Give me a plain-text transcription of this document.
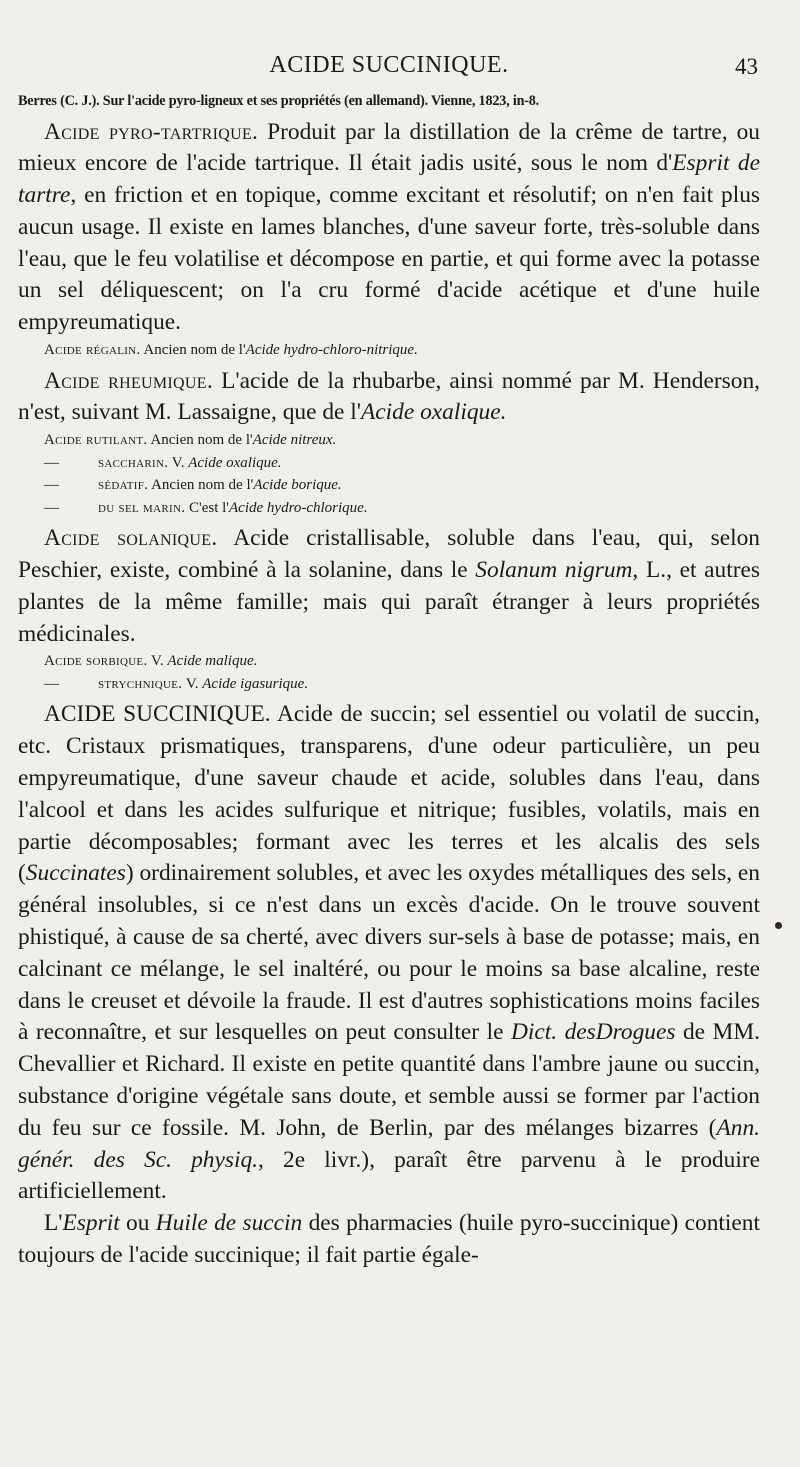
ACIDE SUCCINIQUE.	43

Berres (C. J.). Sur l'acide pyro-ligneux et ses propriétés (en allemand). Vienne, 1823, in-8.

Acide pyro-tartrique. Produit par la distillation de la crême de tartre, ou mieux encore de l'acide tartrique. Il était jadis usité, sous le nom d'Esprit de tartre, en friction et en topique, comme excitant et résolutif; on n'en fait plus aucun usage. Il existe en lames blanches, d'une saveur forte, très-soluble dans l'eau, que le feu volatilise et décompose en partie, et qui forme avec la potasse un sel déliquescent; on l'a cru formé d'acide acétique et d'une huile empyreumatique.

Acide régalin. Ancien nom de l'Acide hydro-chloro-nitrique.

Acide rheumique. L'acide de la rhubarbe, ainsi nommé par M. Henderson, n'est, suivant M. Lassaigne, que de l'Acide oxalique.

Acide rutilant. Ancien nom de l'Acide nitreux.

—	saccharin. V. Acide oxalique.

—	sédatif. Ancien nom de l'Acide borique.

—	du sel marin. C'est l'Acide hydro-chlorique.

Acide solanique. Acide cristallisable, soluble dans l'eau, qui, selon Peschier, existe, combiné à la solanine, dans le Solanum nigrum, L., et autres plantes de la même famille; mais qui paraît étranger à leurs propriétés médicinales.

Acide sorbique. V. Acide malique.

—	strychnique. V. Acide igasurique.

ACIDE SUCCINIQUE. Acide de succin; sel essentiel ou volatil de succin, etc. Cristaux prismatiques, transparens, d'une odeur particulière, un peu empyreumatique, d'une saveur chaude et acide, solubles dans l'eau, dans l'alcool et dans les acides sulfurique et nitrique; fusibles, volatils, mais en partie décomposables; formant avec les terres et les alcalis des sels (Succinates) ordinairement solubles, et avec les oxydes métalliques des sels, en général insolubles, si ce n'est dans un excès d'acide. On le trouve souvent phistiqué, à cause de sa cherté, avec divers sur-sels à base de potasse; mais, en calcinant ce mélange, le sel inaltéré, ou pour le moins sa base alcaline, reste dans le creuset et dévoile la fraude. Il est d'autres sophistications moins faciles à reconnaître, et sur lesquelles on peut consulter le Dict. desDrogues de MM. Chevallier et Richard. Il existe en petite quantité dans l'ambre jaune ou succin, substance d'origine végétale sans doute, et semble aussi se former par l'action du feu sur ce fossile. M. John, de Berlin, par des mélanges bizarres (Ann. génér. des Sc. physiq., 2e livr.), paraît être parvenu à le produire artificiellement.

L'Esprit ou Huile de succin des pharmacies (huile pyro-succinique) contient toujours de l'acide succinique; il fait partie égale-
